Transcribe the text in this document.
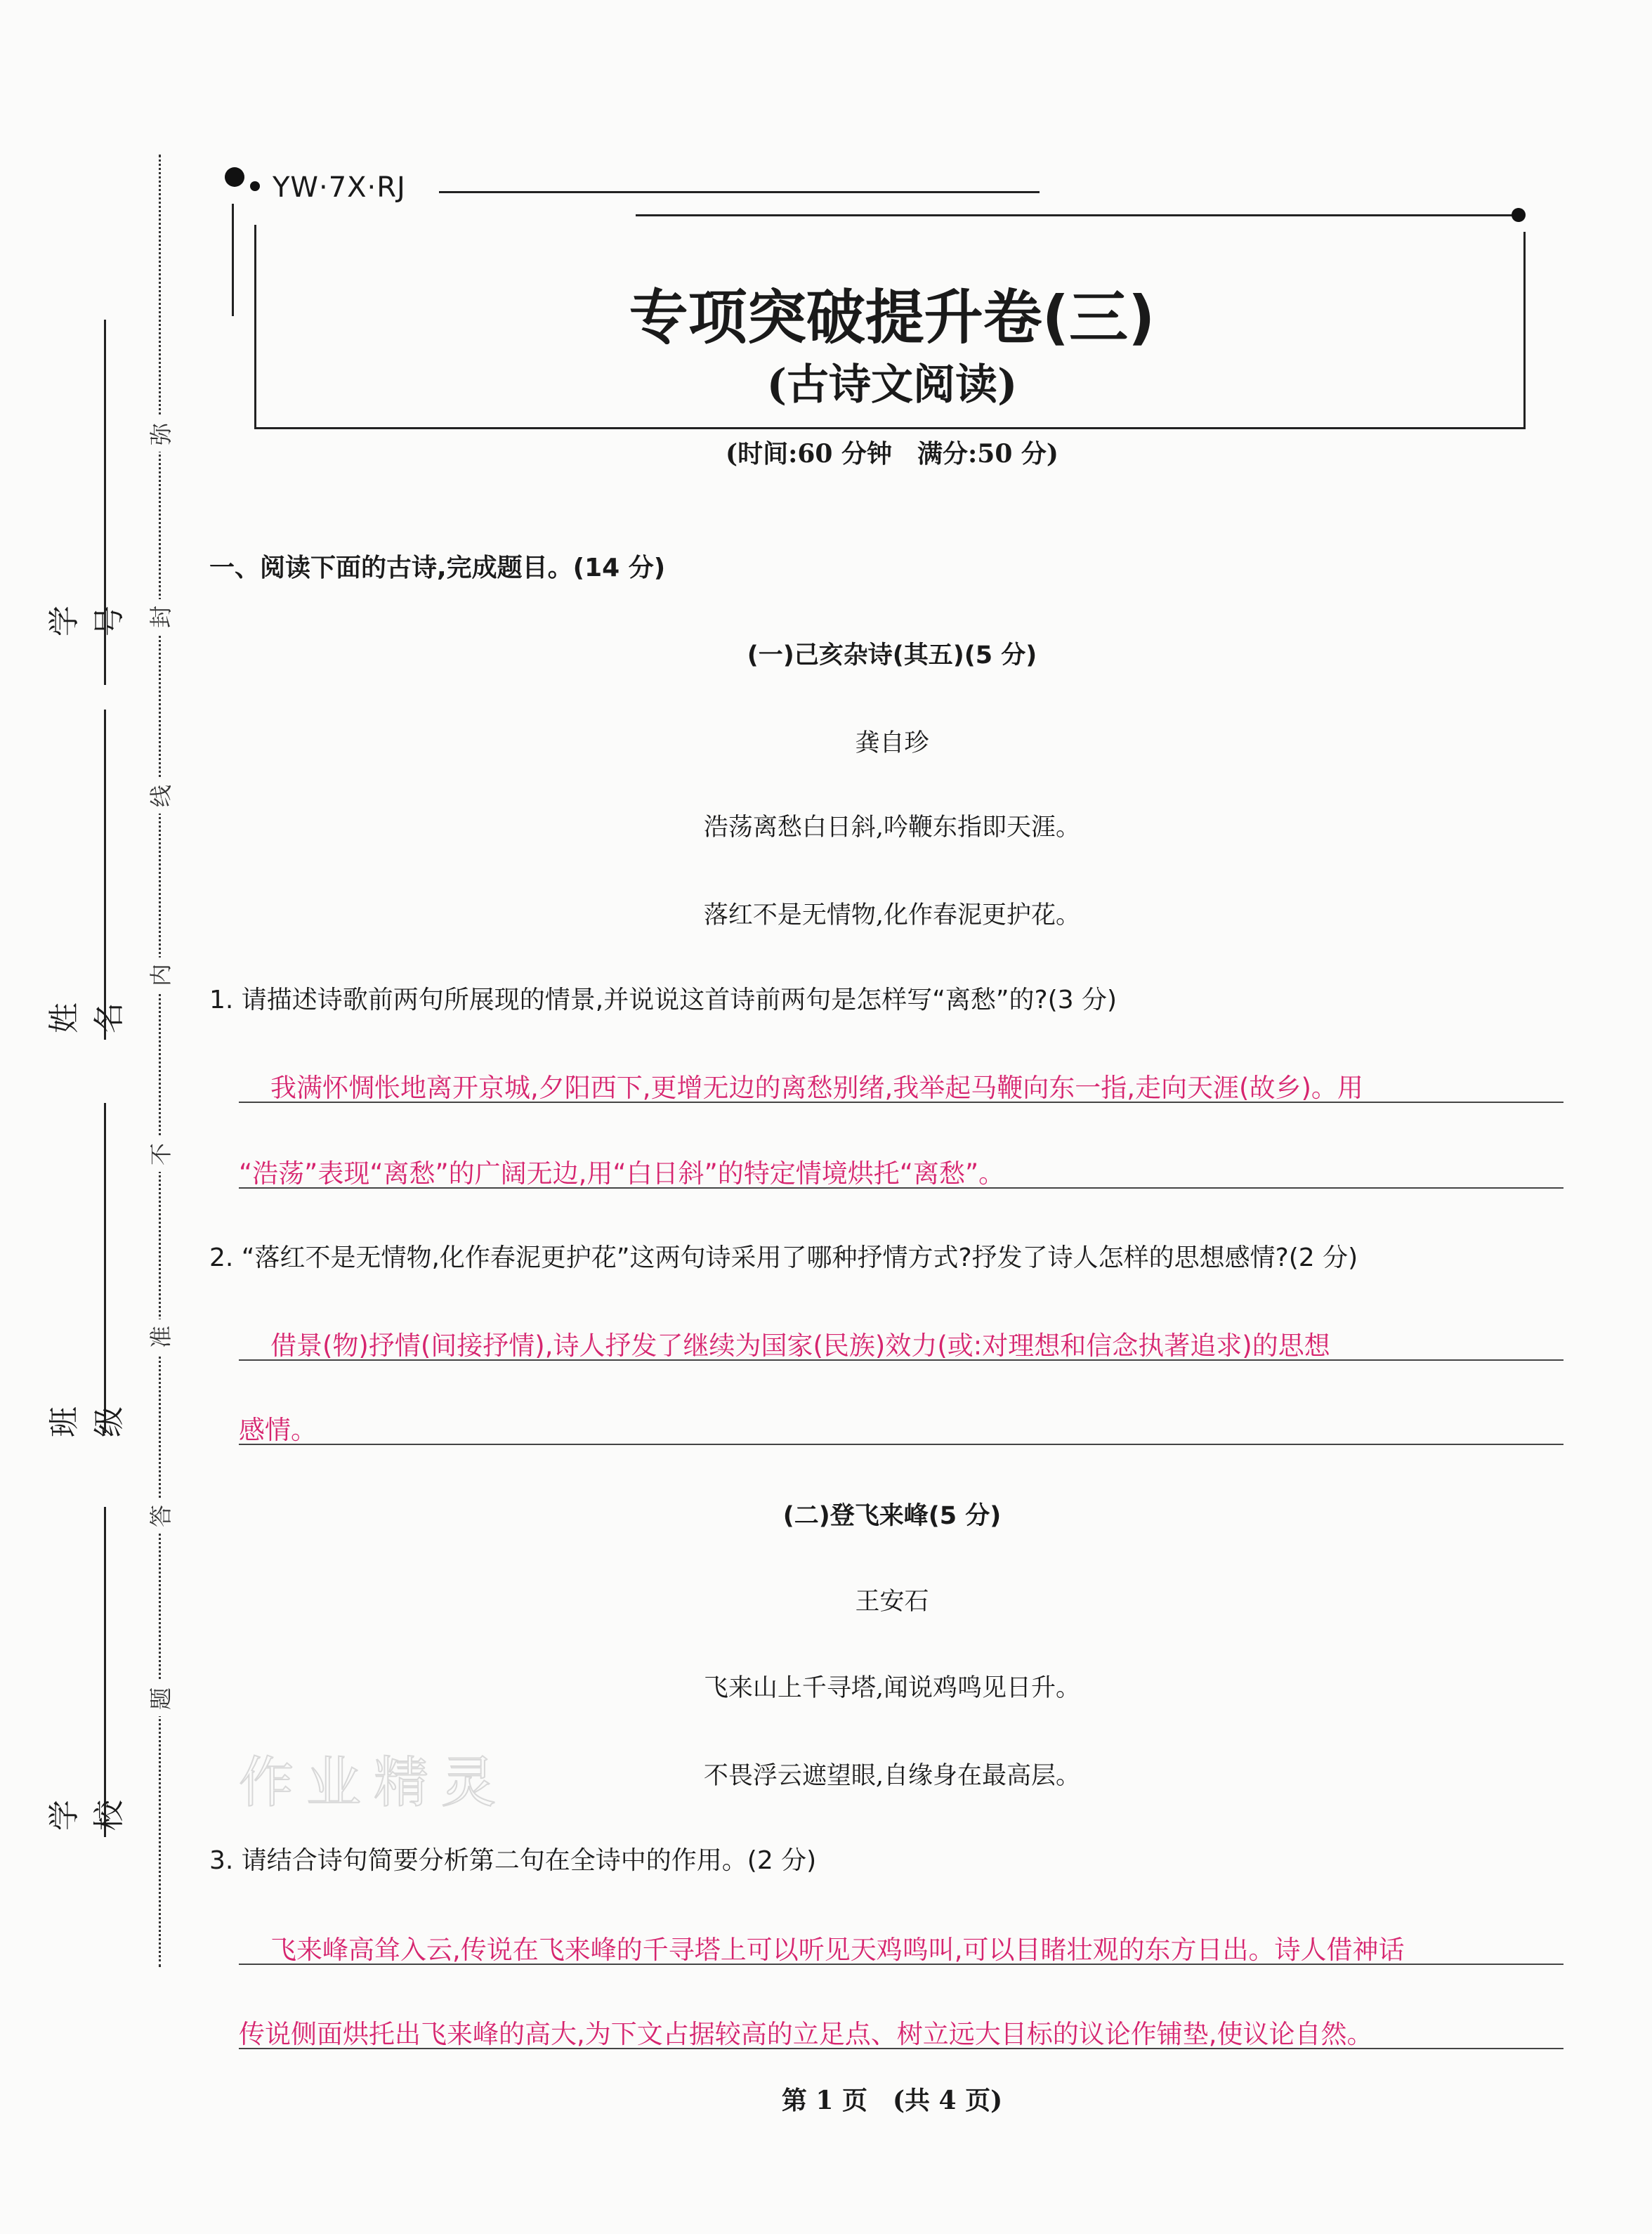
学号
姓名
班级
学校
弥
封
线
内
不
准
答
题
YW·7X·RJ
专项突破提升卷(三)
(古诗文阅读)
(时间:60 分钟　满分:50 分)
一、阅读下面的古诗,完成题目。(14 分)
(一)己亥杂诗(其五)(5 分)
龚自珍
浩荡离愁白日斜,吟鞭东指即天涯。
落红不是无情物,化作春泥更护花。
1. 请描述诗歌前两句所展现的情景,并说说这首诗前两句是怎样写“离愁”的?(3 分)
我满怀惆怅地离开京城,夕阳西下,更增无边的离愁别绪,我举起马鞭向东一指,走向天涯(故乡)。用
“浩荡”表现“离愁”的广阔无边,用“白日斜”的特定情境烘托“离愁”。
2. “落红不是无情物,化作春泥更护花”这两句诗采用了哪种抒情方式?抒发了诗人怎样的思想感情?(2 分)
借景(物)抒情(间接抒情),诗人抒发了继续为国家(民族)效力(或:对理想和信念执著追求)的思想
感情。
(二)登飞来峰(5 分)
王安石
飞来山上千寻塔,闻说鸡鸣见日升。
不畏浮云遮望眼,自缘身在最高层。
作业精灵
3. 请结合诗句简要分析第二句在全诗中的作用。(2 分)
飞来峰高耸入云,传说在飞来峰的千寻塔上可以听见天鸡鸣叫,可以目睹壮观的东方日出。诗人借神话
传说侧面烘托出飞来峰的高大,为下文占据较高的立足点、树立远大目标的议论作铺垫,使议论自然。
第 1 页　(共 4 页)
